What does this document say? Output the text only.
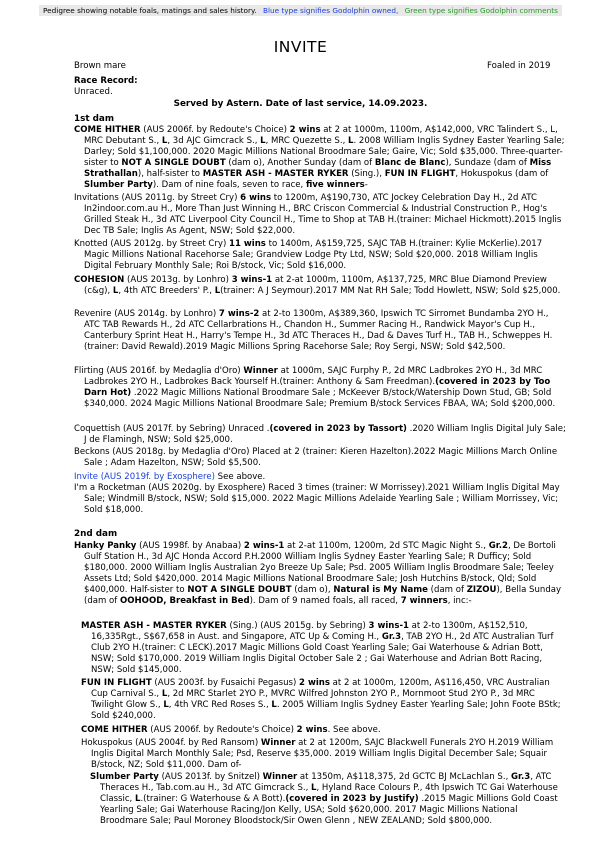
Pedigree showing notable foals, matings and sales history. Blue type signifies Godolphin owned, Green type signifies Godolphin comments
INVITE
Brown mare	Foaled in 2019
Race Record:
Unraced.
Served by Astern. Date of last service, 14.09.2023.
1st dam
COME HITHER (AUS 2006f. by Redoute's Choice) 2 wins at 2 at 1000m, 1100m, A$142,000, VRC Talindert S., L, MRC Debutant S., L, 3d AJC Gimcrack S., L, MRC Quezette S., L. 2008 William Inglis Sydney Easter Yearling Sale; Darley; Sold $1,100,000. 2020 Magic Millions National Broodmare Sale; Gaire, Vic; Sold $35,000. Three-quarter-sister to NOT A SINGLE DOUBT (dam o), Another Sunday (dam of Blanc de Blanc), Sundaze (dam of Miss Strathallan), half-sister to MASTER ASH - MASTER RYKER (Sing.), FUN IN FLIGHT, Hokuspokus (dam of Slumber Party). Dam of nine foals, seven to race, five winners-
Invitations (AUS 2011g. by Street Cry) 6 wins to 1200m, A$190,730, ATC Jockey Celebration Day H., 2d ATC In2indoor.com.au H., More Than Just Winning H., BRC Criscon Commercial & Industrial Construction P., Hog's Grilled Steak H., 3d ATC Liverpool City Council H., Time to Shop at TAB H.(trainer: Michael Hickmott).2015 Inglis Dec TB Sale; Inglis As Agent, NSW; Sold $22,000.
Knotted (AUS 2012g. by Street Cry) 11 wins to 1400m, A$159,725, SAJC TAB H.(trainer: Kylie McKerlie).2017 Magic Millions National Racehorse Sale; Grandview Lodge Pty Ltd, NSW; Sold $20,000. 2018 William Inglis Digital February Monthly Sale; Roi B/stock, Vic; Sold $16,000.
COHESION (AUS 2013g. by Lonhro) 3 wins-1 at 2-at 1000m, 1100m, A$137,725, MRC Blue Diamond Preview (c&g), L, 4th ATC Breeders' P., L(trainer: A J Seymour).2017 MM Nat RH Sale; Todd Howlett, NSW; Sold $25,000.
Revenire (AUS 2014g. by Lonhro) 7 wins-2 at 2-to 1300m, A$389,360, Ipswich TC Sirromet Bundamba 2YO H., ATC TAB Rewards H., 2d ATC Cellarbrations H., Chandon H., Summer Racing H., Randwick Mayor's Cup H., Canterbury Sprint Heat H., Harry's Tempe H., 3d ATC Theraces H., Dad & Daves Turf H., TAB H., Schweppes H.(trainer: David Rewald).2019 Magic Millions Spring Racehorse Sale; Roy Sergi, NSW; Sold $42,500.
Flirting (AUS 2016f. by Medaglia d'Oro) Winner at 1000m, SAJC Furphy P., 2d MRC Ladbrokes 2YO H., 3d MRC Ladbrokes 2YO H., Ladbrokes Back Yourself H.(trainer: Anthony & Sam Freedman).(covered in 2023 by Too Darn Hot) .2022 Magic Millions National Broodmare Sale ; McKeever B/stock/Watership Down Stud, GB; Sold $340,000. 2024 Magic Millions National Broodmare Sale; Premium B/stock Services FBAA, WA; Sold $200,000.
Coquettish (AUS 2017f. by Sebring) Unraced .(covered in 2023 by Tassort) .2020 William Inglis Digital July Sale; J de Flamingh, NSW; Sold $25,000.
Beckons (AUS 2018g. by Medaglia d'Oro) Placed at 2 (trainer: Kieren Hazelton).2022 Magic Millions March Online Sale ; Adam Hazelton, NSW; Sold $5,500.
Invite (AUS 2019f. by Exosphere) See above.
I'm a Rocketman (AUS 2020g. by Exosphere) Raced 3 times (trainer: W Morrissey).2021 William Inglis Digital May Sale; Windmill B/stock, NSW; Sold $15,000. 2022 Magic Millions Adelaide Yearling Sale ; William Morrissey, Vic; Sold $18,000.
2nd dam
Hanky Panky (AUS 1998f. by Anabaa) 2 wins-1 at 2-at 1100m, 1200m, 2d STC Magic Night S., Gr.2, De Bortoli Gulf Station H., 3d AJC Honda Accord P.H.2000 William Inglis Sydney Easter Yearling Sale; R Dufficy; Sold $180,000. 2000 William Inglis Australian 2yo Breeze Up Sale; Psd. 2005 William Inglis Broodmare Sale; Teeley Assets Ltd; Sold $420,000. 2014 Magic Millions National Broodmare Sale; Josh Hutchins B/stock, Qld; Sold $400,000. Half-sister to NOT A SINGLE DOUBT (dam o), Natural is My Name (dam of ZIZOU), Bella Sunday (dam of OOHOOD, Breakfast in Bed). Dam of 9 named foals, all raced, 7 winners, inc:-
MASTER ASH - MASTER RYKER (Sing.) (AUS 2015g. by Sebring) 3 wins-1 at 2-to 1300m, A$152,510, 16,335Rgt., S$67,658 in Aust. and Singapore, ATC Up & Coming H., Gr.3, TAB 2YO H., 2d ATC Australian Turf Club 2YO H.(trainer: C LECK).2017 Magic Millions Gold Coast Yearling Sale; Gai Waterhouse & Adrian Bott, NSW; Sold $170,000. 2019 William Inglis Digital October Sale 2 ; Gai Waterhouse and Adrian Bott Racing, NSW; Sold $145,000.
FUN IN FLIGHT (AUS 2003f. by Fusaichi Pegasus) 2 wins at 2 at 1000m, 1200m, A$116,450, VRC Australian Cup Carnival S., L, 2d MRC Starlet 2YO P., MVRC Wilfred Johnston 2YO P., Mornmoot Stud 2YO P., 3d MRC Twilight Glow S., L, 4th VRC Red Roses S., L. 2005 William Inglis Sydney Easter Yearling Sale; John Foote BStk; Sold $240,000.
COME HITHER (AUS 2006f. by Redoute's Choice) 2 wins. See above.
Hokuspokus (AUS 2004f. by Red Ransom) Winner at 2 at 1200m, SAJC Blackwell Funerals 2YO H.2019 William Inglis Digital March Monthly Sale; Psd, Reserve $35,000. 2019 William Inglis Digital December Sale; Squair B/stock, NZ; Sold $11,000. Dam of-
Slumber Party (AUS 2013f. by Snitzel) Winner at 1350m, A$118,375, 2d GCTC BJ McLachlan S., Gr.3, ATC Theraces H., Tab.com.au H., 3d ATC Gimcrack S., L, Hyland Race Colours P., 4th Ipswich TC Gai Waterhouse Classic, L.(trainer: G Waterhouse & A Bott).(covered in 2023 by Justify) .2015 Magic Millions Gold Coast Yearling Sale; Gai Waterhouse Racing/Jon Kelly, USA; Sold $620,000. 2017 Magic Millions National Broodmare Sale; Paul Moroney Bloodstock/Sir Owen Glenn , NEW ZEALAND; Sold $800,000.
